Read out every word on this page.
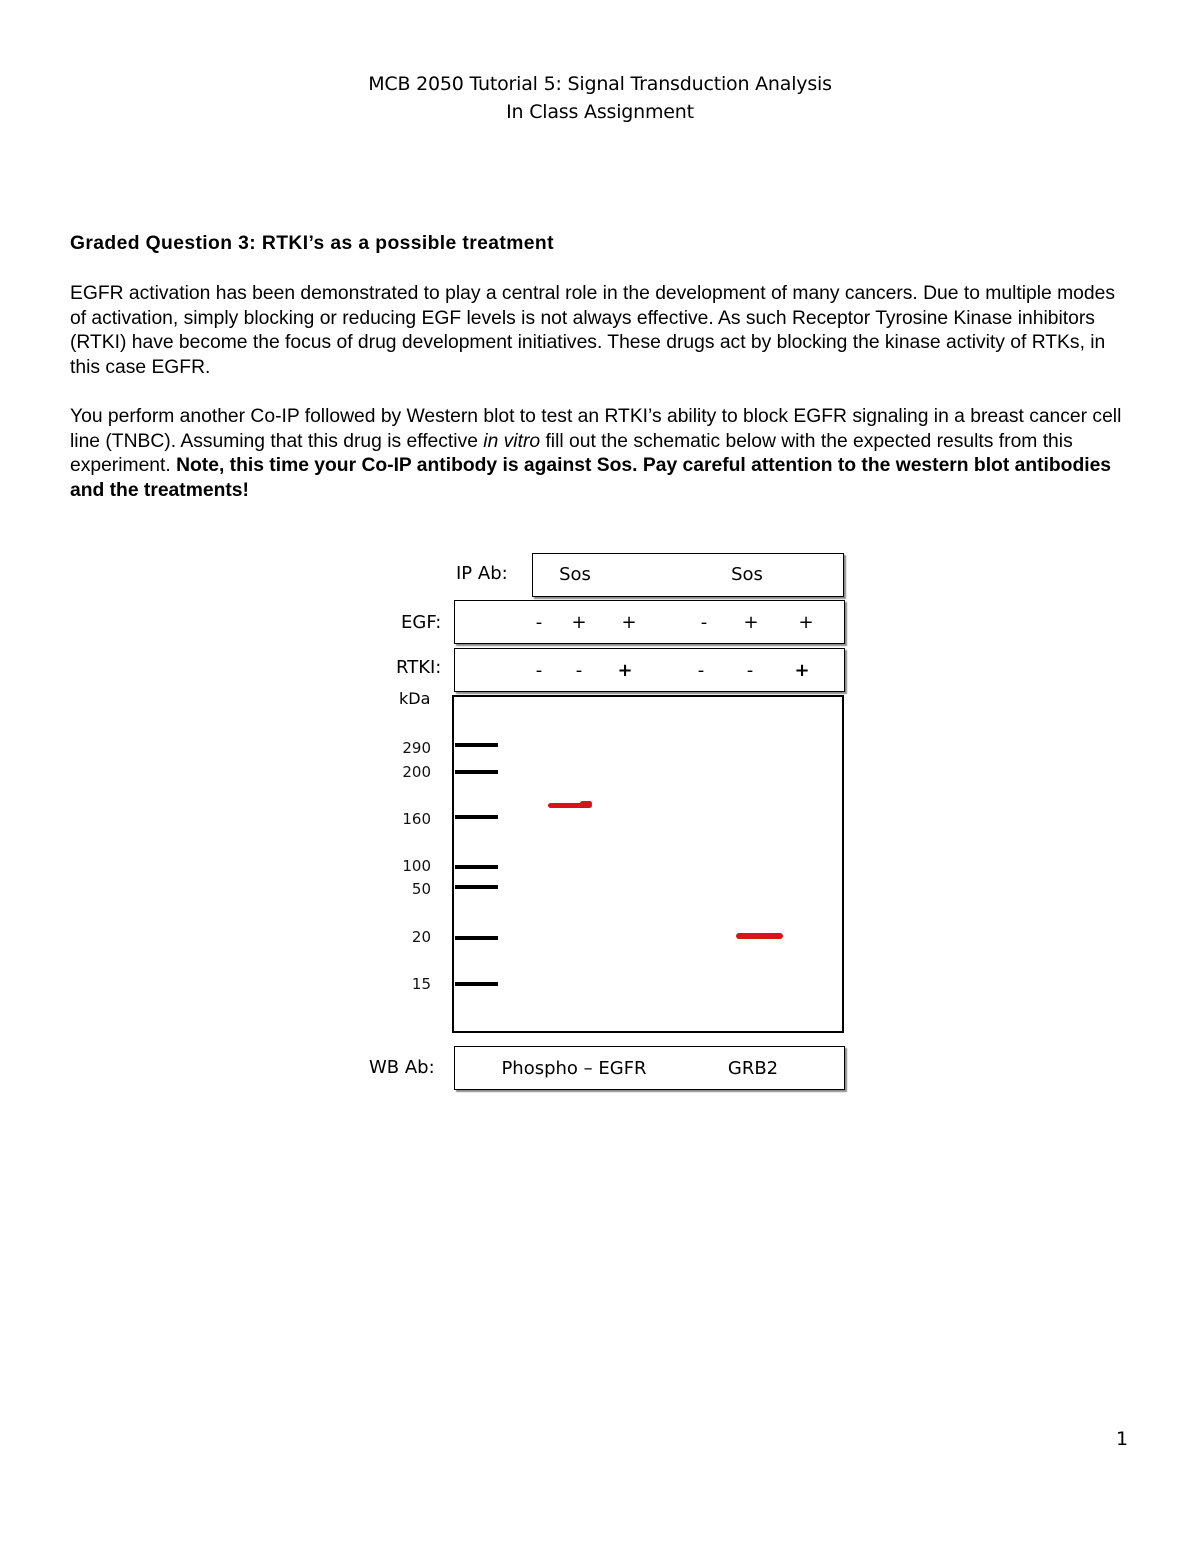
MCB 2050 Tutorial 5: Signal Transduction Analysis
In Class Assignment
Graded Question 3: RTKI’s as a possible treatment

EGFR activation has been demonstrated to play a central role in the development of many cancers. Due to multiple modes of activation, simply blocking or reducing EGF levels is not always effective. As such Receptor Tyrosine Kinase inhibitors (RTKI) have become the focus of drug development initiatives. These drugs act by blocking the kinase activity of RTKs, in this case EGFR.

You perform another Co-IP followed by Western blot to test an RTKI’s ability to block EGFR signaling in a breast cancer cell line (TNBC). Assuming that this drug is effective in vitro fill out the schematic below with the expected results from this experiment. Note, this time your Co-IP antibody is against Sos. Pay careful attention to the western blot antibodies and the treatments!

IP Ab:	Sos	Sos
EGF:	- + +	- + +
RTKI:	- - +	- - +
kDa
290
200
160
100
50
20
15
WB Ab:	Phospho – EGFR	GRB2
1
